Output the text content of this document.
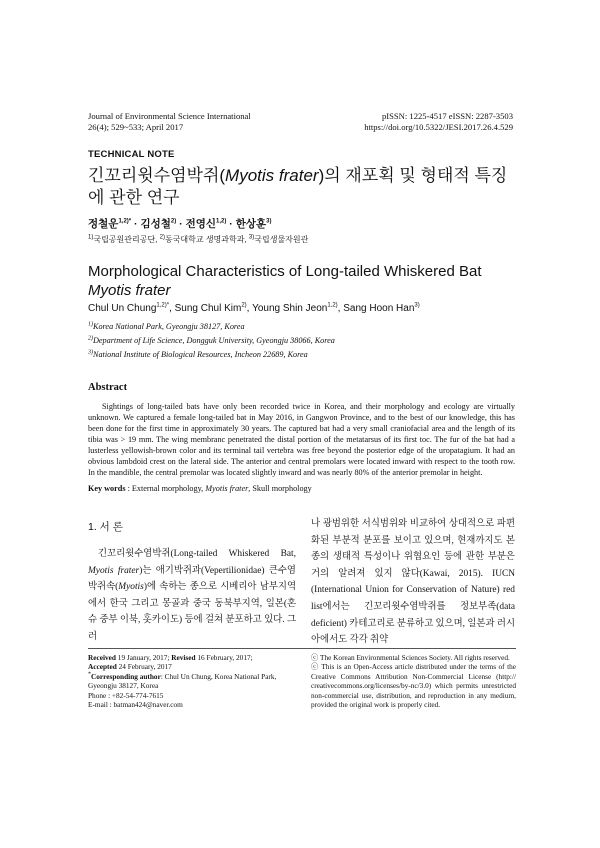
Journal of Environmental Science International
26(4); 529~533; April 2017
pISSN: 1225-4517 eISSN: 2287-3503
https://doi.org/10.5322/JESI.2017.26.4.529
TECHNICAL NOTE
긴꼬리윗수염박쥐(Myotis frater)의 재포획 및 형태적 특징에 관한 연구
정철운$^{1,2)*}$ · 김성철$^{2)}$ · 전영신$^{1,2)}$ · 한상훈$^{3)}$
$^{1)}$국립공원관리공단, $^{2)}$동국대학교 생명과학과, $^{3)}$국립생물자원관
Morphological Characteristics of Long-tailed Whiskered Bat Myotis frater
Chul Un Chung$^{1,2)*}$, Sung Chul Kim$^{2)}$, Young Shin Jeon$^{1,2)}$, Sang Hoon Han$^{3)}$
$^{1)}$Korea National Park, Gyeongju 38127, Korea
$^{2)}$Department of Life Science, Dongguk University, Gyeongju 38066, Korea
$^{3)}$National Institute of Biological Resources, Incheon 22689, Korea
Abstract
Sightings of long-tailed bats have only been recorded twice in Korea, and their morphology and ecology are virtually unknown. We captured a female long-tailed bat in May 2016, in Gangwon Province, and to the best of our knowledge, this has been done for the first time in approximately 30 years. The captured bat had a very small craniofacial area and the length of its tibia was > 19 mm. The wing membranc penetrated the distal portion of the metatarsus of its first toc. The fur of the bat had a lusterless yellowish-brown color and its terminal tail vertebra was free beyond the posterior edge of the uropatagium. It had an obvious lambdoid crest on the lateral side. The anterior and central premolars were located inward with respect to the tooth row. In the mandible, the central premolar was located slightly inward and was nearly 80% of the anterior premolar in height.
Key words : External morphology, Myotis frater, Skull morphology
1. 서 론
긴꼬리윗수염박쥐(Long-tailed Whiskered Bat, Myotis frater)는 애기박쥐과(Vepertilionidae) 큰수염박쥐속(Myotis)에 속하는 종으로 시베리아 남부지역에서 한국 그리고 몽골과 중국 동북부지역, 일본(혼슈 중부 이북, 홋카이도) 등에 걸쳐 분포하고 있다. 그러
나 광범위한 서식범위와 비교하여 상대적으로 파편화된 부분적 분포를 보이고 있으며, 현재까지도 본 종의 생태적 특성이나 위협요인 등에 관한 부분은 거의 알려져 있지 않다(Kawai, 2015). IUCN (International Union for Conservation of Nature) red list에서는 긴꼬리윗수염박쥐를 정보부족(data deficient) 카테고리로 분류하고 있으며, 일본과 러시아에서도 각각 취약
Received 19 January, 2017; Revised 16 February, 2017;
Accepted 24 February, 2017
*Corresponding author: Chul Un Chung, Korea National Park, Gyeongju 38127, Korea
Phone : +82-54-774-7615
E-mail : batman424@naver.com
ⓒ The Korean Environmental Sciences Society. All rights reserved.
ⓒ This is an Open-Access article distributed under the terms of the Creative Commons Attribution Non-Commercial License (http:// creativecommons.org/licenses/by-nc/3.0) which permits unrestricted non-commercial use, distribution, and reproduction in any medium, provided the original work is properly cited.
